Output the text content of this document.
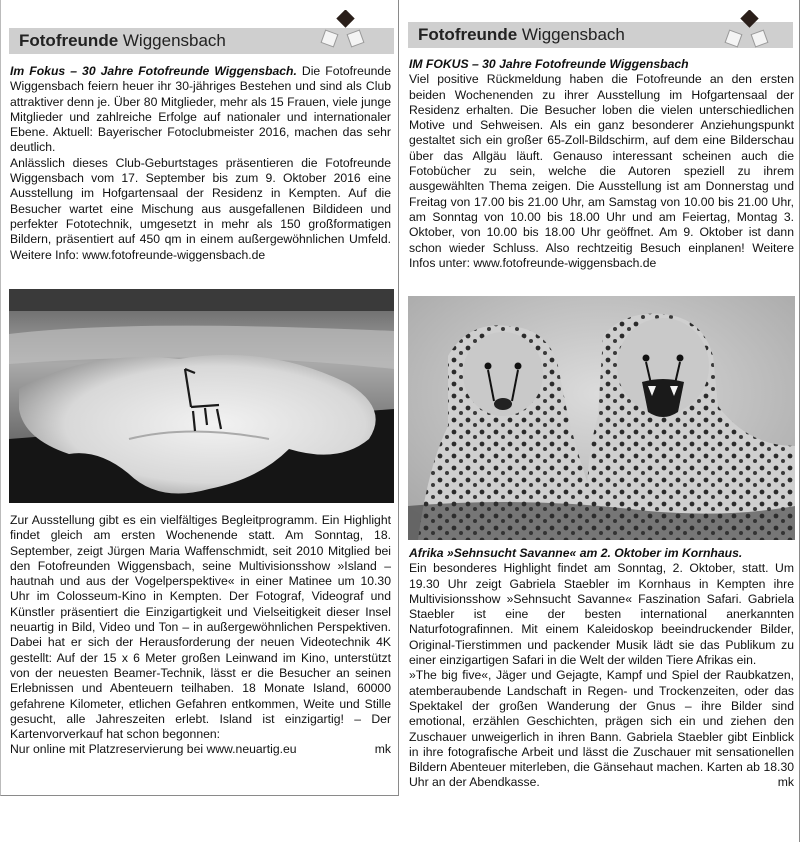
Fotofreunde Wiggensbach

Im Fokus – 30 Jahre Fotofreunde Wiggensbach. Die Fotofreunde Wiggensbach feiern heuer ihr 30-jähriges Bestehen und sind als Club attraktiver denn je. Über 80 Mitglieder, mehr als 15 Frauen, viele junge Mitglieder und zahlreiche Erfolge auf nationaler und internationaler Ebene. Aktuell: Bayerischer Fotoclubmeister 2016, machen das sehr deutlich.

Anlässlich dieses Club-Geburtstages präsentieren die Fotofreunde Wiggensbach vom 17. September bis zum 9. Oktober 2016 eine Ausstellung im Hofgartensaal der Residenz in Kempten. Auf die Besucher wartet eine Mischung aus ausgefallenen Bildideen und perfekter Fototechnik, umgesetzt in mehr als 150 großformatigen Bildern, präsentiert auf 450 qm in einem außergewöhnlichen Umfeld. Weitere Info: www.fotofreunde-wiggensbach.de

Zur Ausstellung gibt es ein vielfältiges Begleitprogramm. Ein Highlight findet gleich am ersten Wochenende statt. Am Sonntag, 18. September, zeigt Jürgen Maria Waffenschmidt, seit 2010 Mitglied bei den Fotofreunden Wiggensbach, seine Multivisionsshow »Island – hautnah und aus der Vogelperspektive« in einer Matinee um 10.30 Uhr im Colosseum-Kino in Kempten. Der Fotograf, Videograf und Künstler präsentiert die Einzigartigkeit und Vielseitigkeit dieser Insel neuartig in Bild, Video und Ton – in außergewöhnlichen Perspektiven. Dabei hat er sich der Herausforderung der neuen Videotechnik 4K gestellt: Auf der 15 x 6 Meter großen Leinwand im Kino, unterstützt von der neuesten Beamer-Technik, lässt er die Besucher an seinen Erlebnissen und Abenteuern teilhaben. 18 Monate Island, 60000 gefahrene Kilometer, etlichen Gefahren entkommen, Weite und Stille gesucht, alle Jahreszeiten erlebt. Island ist einzigartig! – Der Kartenvorverkauf hat schon begonnen:

Nur online mit Platzreservierung bei www.neuartig.eu	mk

Fotofreunde Wiggensbach

IM FOKUS – 30 Jahre Fotofreunde Wiggensbach

Viel positive Rückmeldung haben die Fotofreunde an den ersten beiden Wochenenden zu ihrer Ausstellung im Hofgartensaal der Residenz erhalten. Die Besucher loben die vielen unterschiedlichen Motive und Sehweisen. Als ein ganz besonderer Anziehungspunkt gestaltet sich ein großer 65-Zoll-Bildschirm, auf dem eine Bilderschau über das Allgäu läuft. Genauso interessant scheinen auch die Fotobücher zu sein, welche die Autoren speziell zu ihrem ausgewählten Thema zeigen. Die Ausstellung ist am Donnerstag und Freitag von 17.00 bis 21.00 Uhr, am Samstag von 10.00 bis 21.00 Uhr, am Sonntag von 10.00 bis 18.00 Uhr und am Feiertag, Montag 3. Oktober, von 10.00 bis 18.00 Uhr geöffnet. Am 9. Oktober ist dann schon wieder Schluss. Also rechtzeitig Besuch einplanen! Weitere Infos unter: www.fotofreunde-wiggensbach.de

Afrika »Sehnsucht Savanne« am 2. Oktober im Kornhaus.

Ein besonderes Highlight findet am Sonntag, 2. Oktober, statt. Um 19.30 Uhr zeigt Gabriela Staebler im Kornhaus in Kempten ihre Multivisionsshow »Sehnsucht Savanne« Faszination Safari. Gabriela Staebler ist eine der besten international anerkannten Naturfotografinnen. Mit einem Kaleidoskop beeindruckender Bilder, Original-Tierstimmen und packender Musik lädt sie das Publikum zu einer einzigartigen Safari in die Welt der wilden Tiere Afrikas ein.

»The big five«, Jäger und Gejagte, Kampf und Spiel der Raubkatzen, atemberaubende Landschaft in Regen- und Trockenzeiten, oder das Spektakel der großen Wanderung der Gnus – ihre Bilder sind emotional, erzählen Geschichten, prägen sich ein und ziehen den Zuschauer unweigerlich in ihren Bann. Gabriela Staebler gibt Einblick in ihre fotografische Arbeit und lässt die Zuschauer mit sensationellen Bildern Abenteuer miterleben, die Gänsehaut machen. Karten ab 18.30 Uhr an der Abendkasse.	mk
